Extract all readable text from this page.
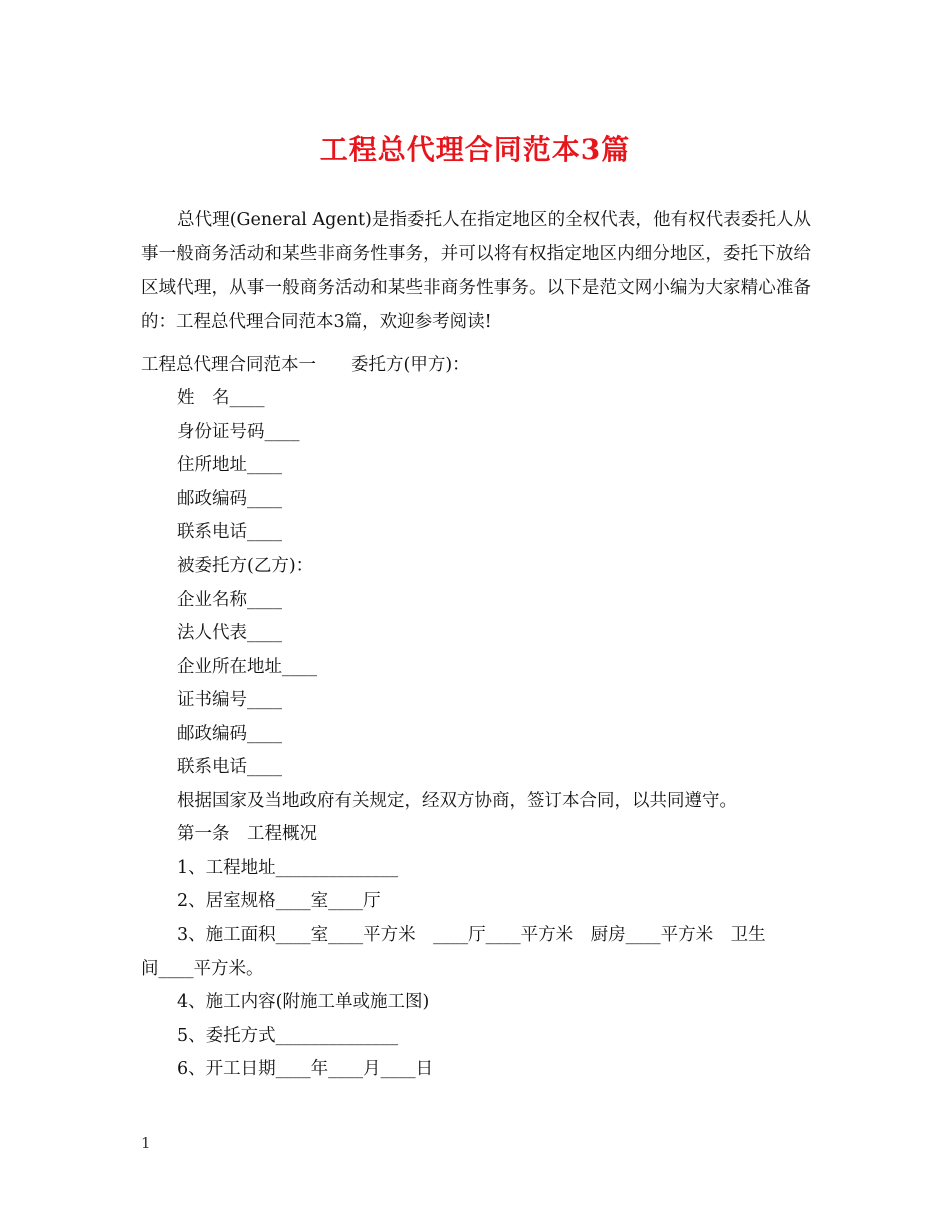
工程总代理合同范本3篇
总代理(General Agent)是指委托人在指定地区的全权代表，他有权代表委托人从事一般商务活动和某些非商务性事务，并可以将有权指定地区内细分地区，委托下放给区域代理，从事一般商务活动和某些非商务性事务。以下是范文网小编为大家精心准备的：工程总代理合同范本3篇，欢迎参考阅读!
工程总代理合同范本一　　委托方(甲方)：
姓　名____
身份证号码____
住所地址____
邮政编码____
联系电话____
被委托方(乙方)：
企业名称____
法人代表____
企业所在地址____
证书编号____
邮政编码____
联系电话____
根据国家及当地政府有关规定，经双方协商，签订本合同，以共同遵守。
第一条　工程概况
1、工程地址______________
2、居室规格____室____厅
3、施工面积____室____平方米　____厅____平方米　厨房____平方米　卫生
间____平方米。
4、施工内容(附施工单或施工图)
5、委托方式______________
6、开工日期____年____月____日
1
